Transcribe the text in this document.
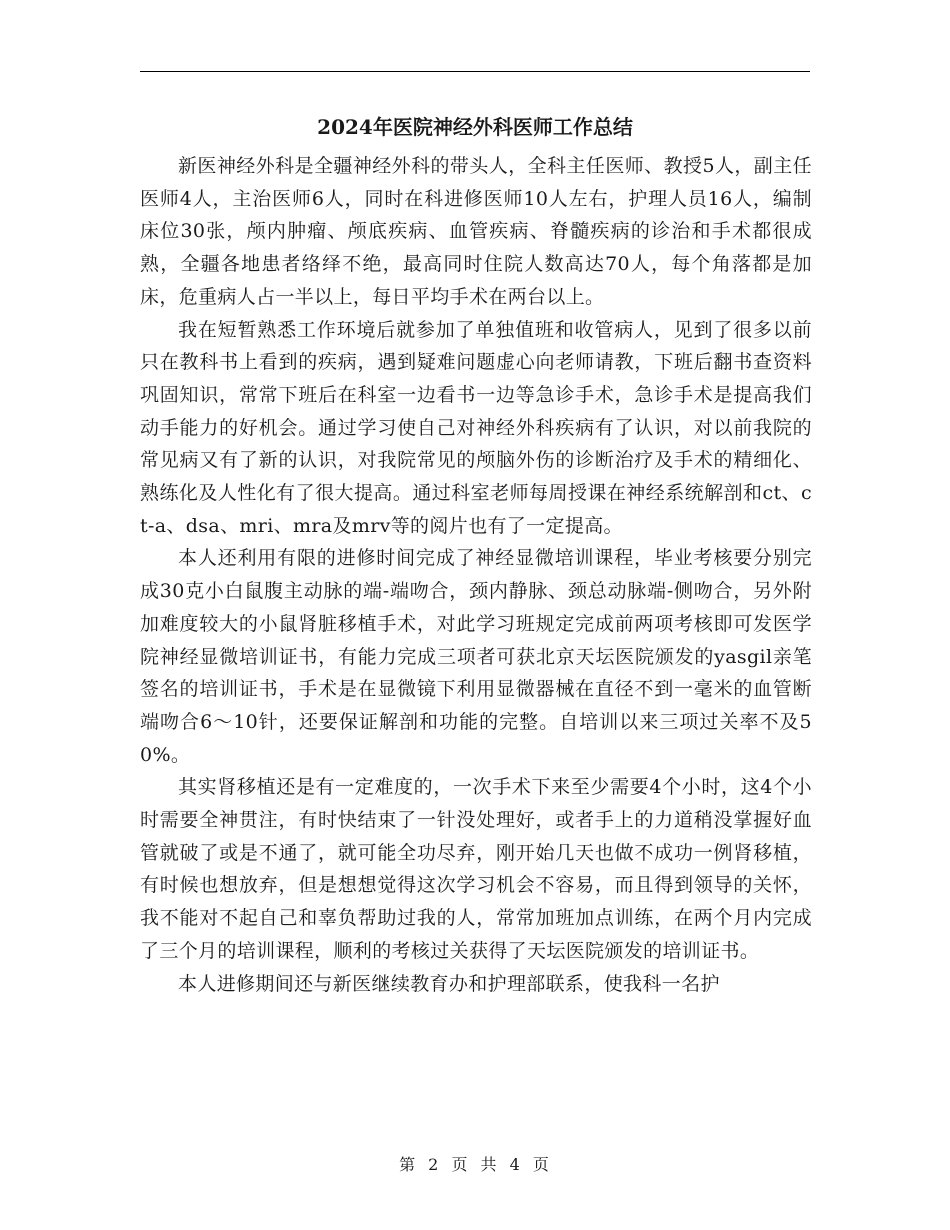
2024年医院神经外科医师工作总结

新医神经外科是全疆神经外科的带头人，全科主任医师、教授5人，副主任医师4人，主治医师6人，同时在科进修医师10人左右，护理人员16人，编制床位30张，颅内肿瘤、颅底疾病、血管疾病、脊髓疾病的诊治和手术都很成熟，全疆各地患者络绎不绝，最高同时住院人数高达70人，每个角落都是加床，危重病人占一半以上，每日平均手术在两台以上。

我在短暂熟悉工作环境后就参加了单独值班和收管病人，见到了很多以前只在教科书上看到的疾病，遇到疑难问题虚心向老师请教，下班后翻书查资料巩固知识，常常下班后在科室一边看书一边等急诊手术，急诊手术是提高我们动手能力的好机会。通过学习使自己对神经外科疾病有了认识，对以前我院的常见病又有了新的认识，对我院常见的颅脑外伤的诊断治疗及手术的精细化、熟练化及人性化有了很大提高。通过科室老师每周授课在神经系统解剖和ct、ct-a、dsa、mri、mra及mrv等的阅片也有了一定提高。

本人还利用有限的进修时间完成了神经显微培训课程，毕业考核要分别完成30克小白鼠腹主动脉的端-端吻合，颈内静脉、颈总动脉端-侧吻合，另外附加难度较大的小鼠肾脏移植手术，对此学习班规定完成前两项考核即可发医学院神经显微培训证书，有能力完成三项者可获北京天坛医院颁发的yasgil亲笔签名的培训证书，手术是在显微镜下利用显微器械在直径不到一毫米的血管断端吻合6～10针，还要保证解剖和功能的完整。自培训以来三项过关率不及50%。

其实肾移植还是有一定难度的，一次手术下来至少需要4个小时，这4个小时需要全神贯注，有时快结束了一针没处理好，或者手上的力道稍没掌握好血管就破了或是不通了，就可能全功尽弃，刚开始几天也做不成功一例肾移植，有时候也想放弃，但是想想觉得这次学习机会不容易，而且得到领导的关怀，我不能对不起自己和辜负帮助过我的人，常常加班加点训练，在两个月内完成了三个月的培训课程，顺利的考核过关获得了天坛医院颁发的培训证书。

本人进修期间还与新医继续教育办和护理部联系，使我科一名护

第 2 页 共 4 页
